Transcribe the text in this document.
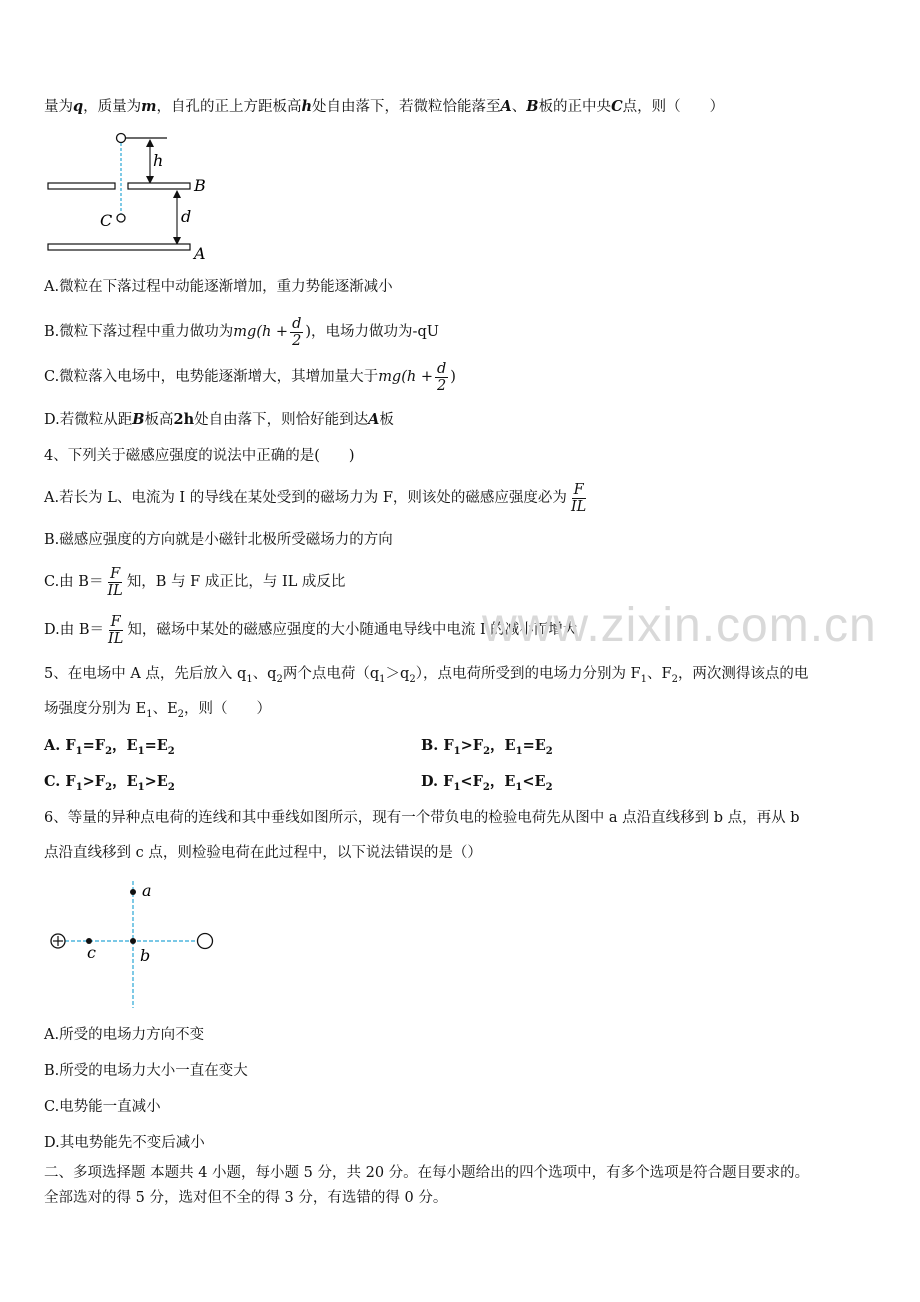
量为q，质量为m，自孔的正上方距板高h处自由落下，若微粒恰能落至A、B板的正中央C点，则（　　）
h
B
C	d
A
A.微粒在下落过程中动能逐渐增加，重力势能逐渐减小
B.微粒下落过程中重力做功为$mg(h + \frac{d}{2}$ )，电场力做功为-qU
C.微粒落入电场中，电势能逐渐增大，其增加量大于$mg(h + \frac{d}{2}$ )
D.若微粒从距B板高2h处自由落下，则恰好能到达A板
4、下列关于磁感应强度的说法中正确的是(　　)
A.若长为 L、电流为 I 的导线在某处受到的磁场力为 F，则该处的磁感应强度必为 $\frac{F}{IL}$
B.磁感应强度的方向就是小磁针北极所受磁场力的方向
C.由 $B= \frac{F}{IL}$ 知，B 与 F 成正比，与 IL 成反比
D.由 $B= \frac{F}{IL}$ 知，磁场中某处的磁感应强度的大小随通电导线中电流 I 的减小而增大
www.zixin.com.cn
5、在电场中 A 点，先后放入 $q_1$、$q_2$两个点电荷$(q_1>q_2)$，点电荷所受到的电场力分别为 $F_1$、$F_2$，两次测得该点的电
场强度分别为 $E_1$、$E_2$，则（　　）
A. $F_1=F_2$，$E_1=E_2$	B. $F_1>F_2$，$E_1=E_2$
C. $F_1>F_2$，$E_1>E_2$	D. $F_1<F_2$，$E_1<E_2$
6、等量的异种点电荷的连线和其中垂线如图所示，现有一个带负电的检验电荷先从图中 a 点沿直线移到 b 点，再从 b
点沿直线移到 c 点，则检验电荷在此过程中，以下说法错误的是（）
a
b
c
A.所受的电场力方向不变
B.所受的电场力大小一直在变大
C.电势能一直减小
D.其电势能先不变后减小
二、多项选择题 本题共 4 小题，每小题 5 分，共 20 分。在每小题给出的四个选项中，有多个选项是符合题目要求的。
全部选对的得 5 分，选对但不全的得 3 分，有选错的得 0 分。
